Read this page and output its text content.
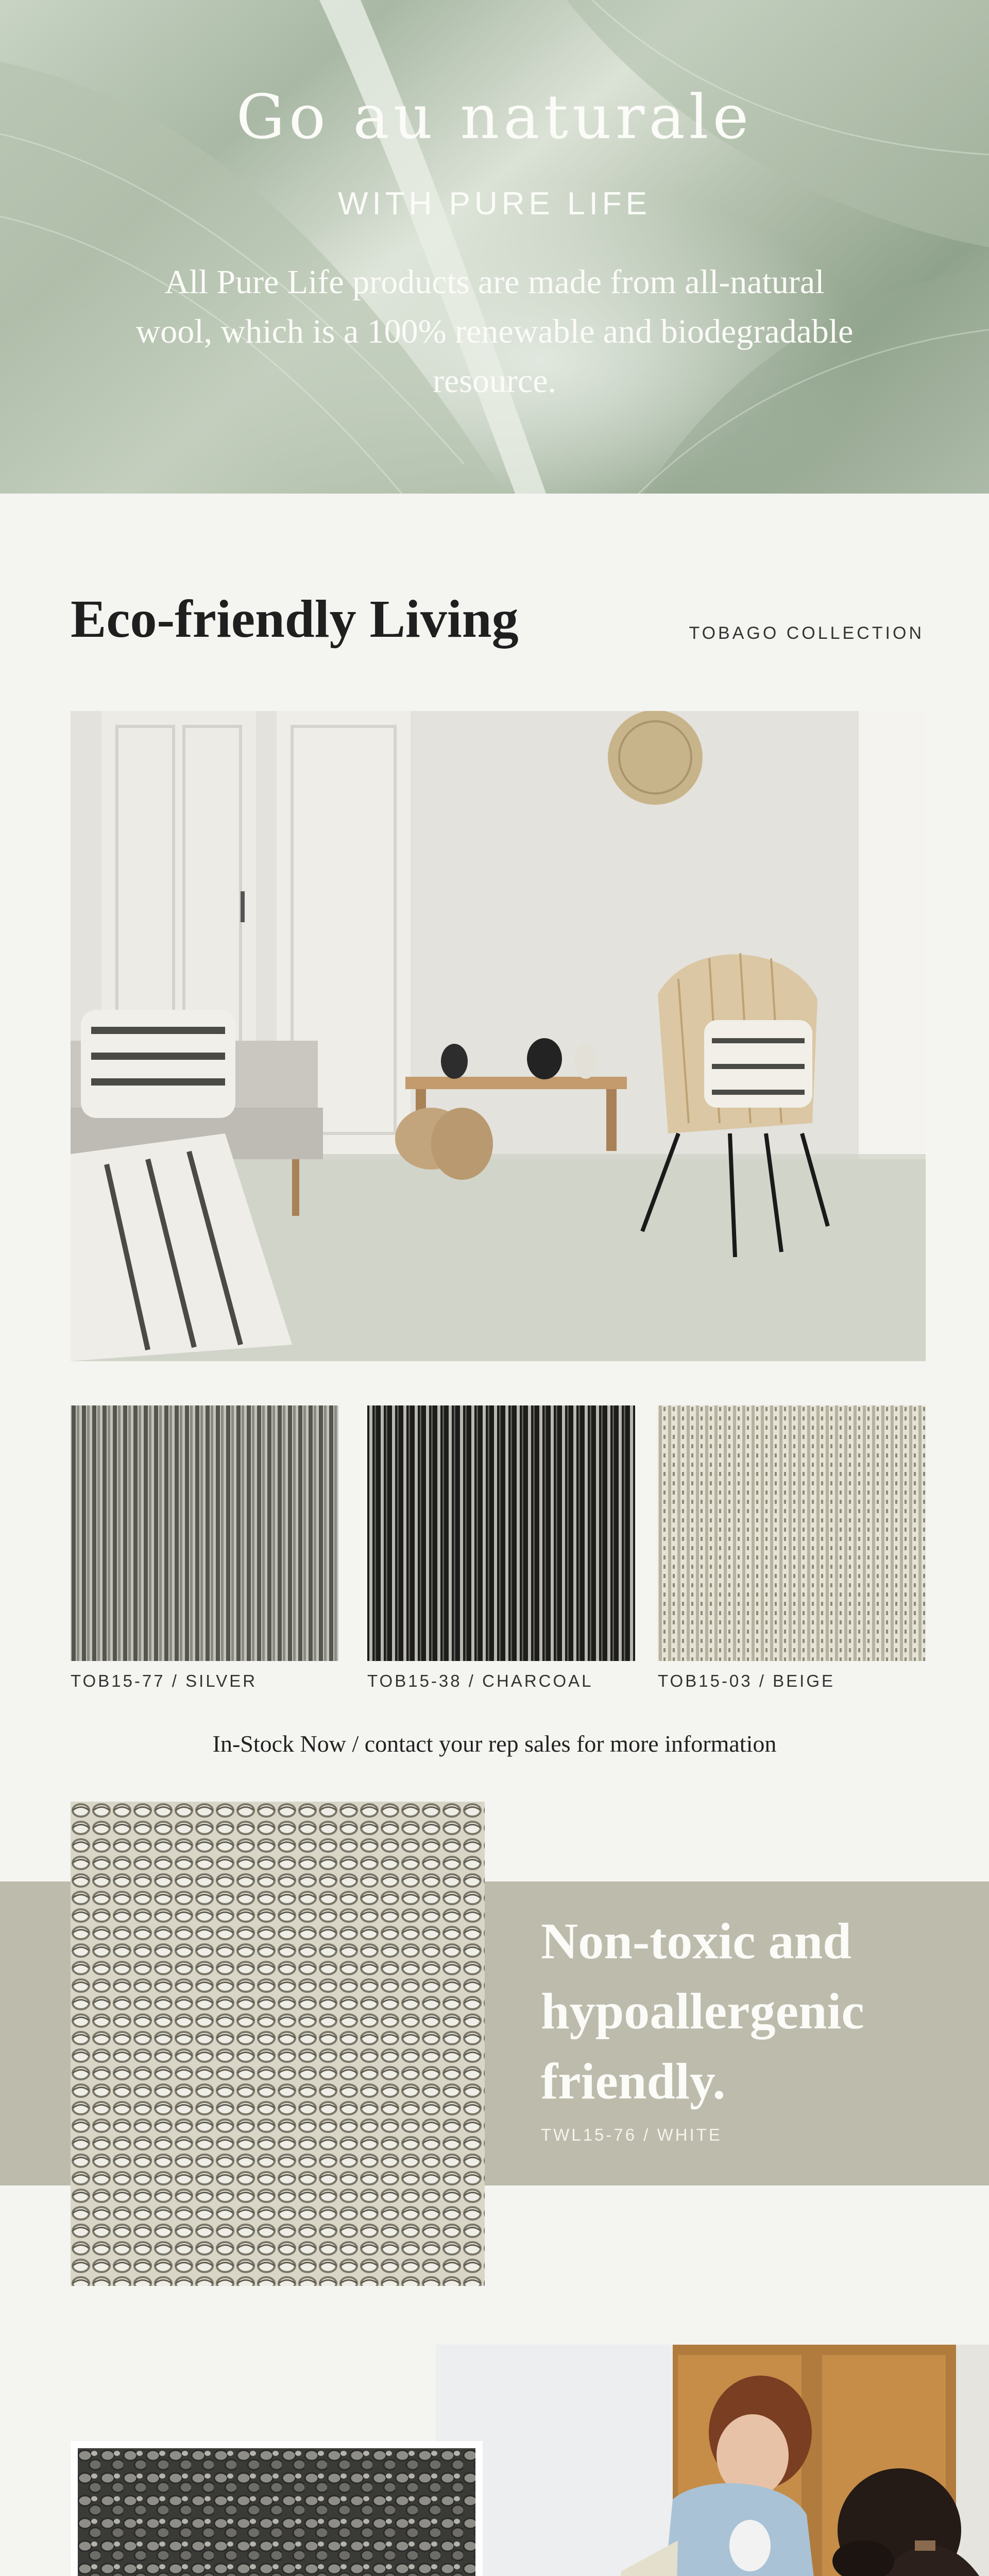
Go au naturale
WITH PURE LIFE

All Pure Life products are made from all-natural wool, which is a 100% renewable and biodegradable resource.

Eco-friendly Living	TOBAGO COLLECTION
TOB15-77 / SILVER	TOB15-38 / CHARCOAL	TOB15-03 / BEIGE

In-Stock Now / contact your rep sales for more information

Non-toxic and hypoallergenic friendly.
TWL15-76 / WHITE
